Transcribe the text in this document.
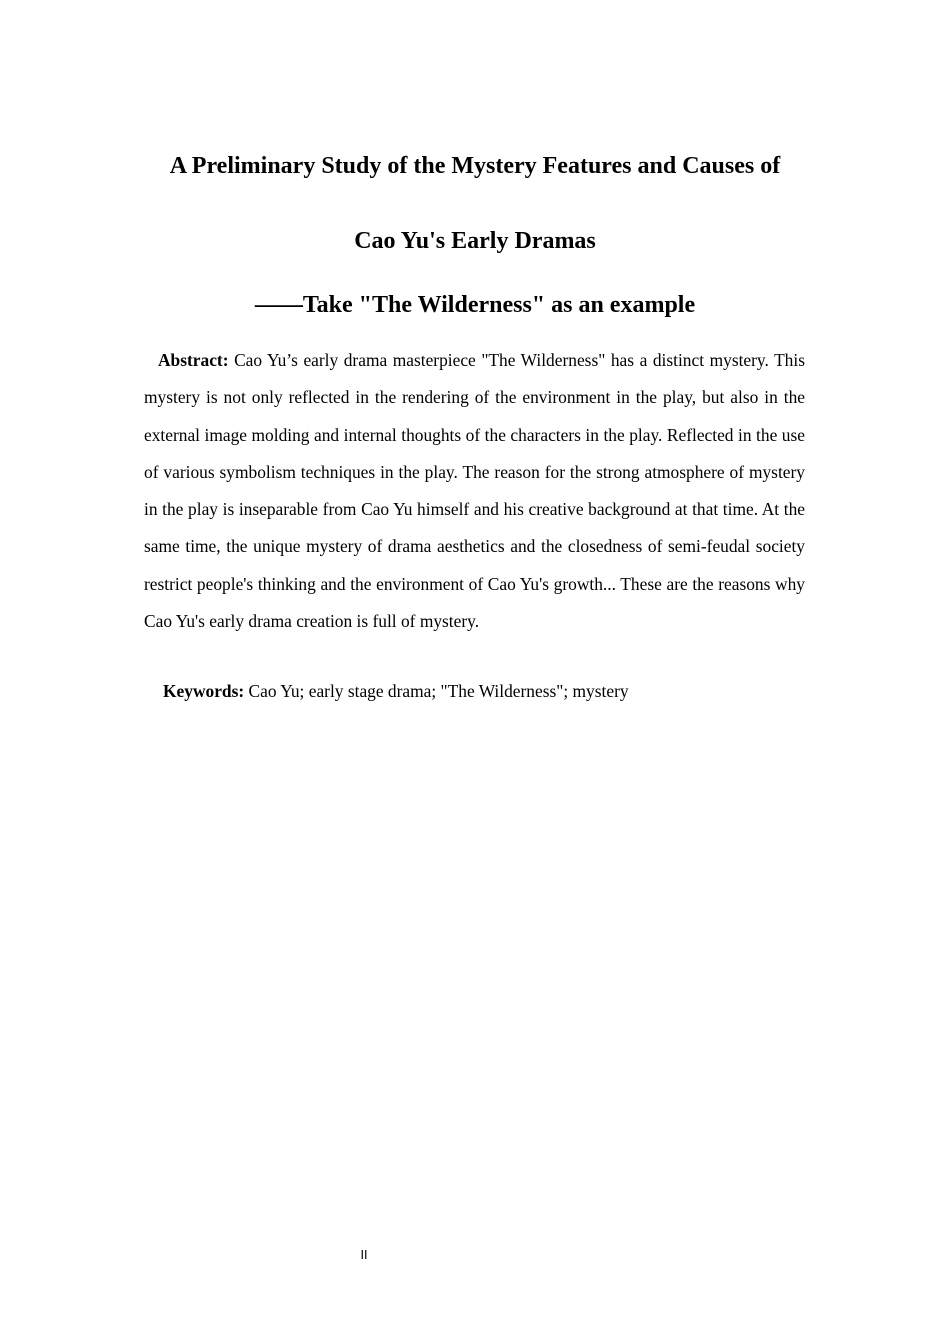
A Preliminary Study of the Mystery Features and Causes of
Cao Yu's Early Dramas
——Take "The Wilderness" as an example

Abstract: Cao Yu’s early drama masterpiece "The Wilderness" has a distinct mystery. This mystery is not only reflected in the rendering of the environment in the play, but also in the external image molding and internal thoughts of the characters in the play. Reflected in the use of various symbolism techniques in the play. The reason for the strong atmosphere of mystery in the play is inseparable from Cao Yu himself and his creative background at that time. At the same time, the unique mystery of drama aesthetics and the closedness of semi-feudal society restrict people's thinking and the environment of Cao Yu's growth... These are the reasons why Cao Yu's early drama creation is full of mystery.

Keywords: Cao Yu; early stage drama; "The Wilderness"; mystery

II
